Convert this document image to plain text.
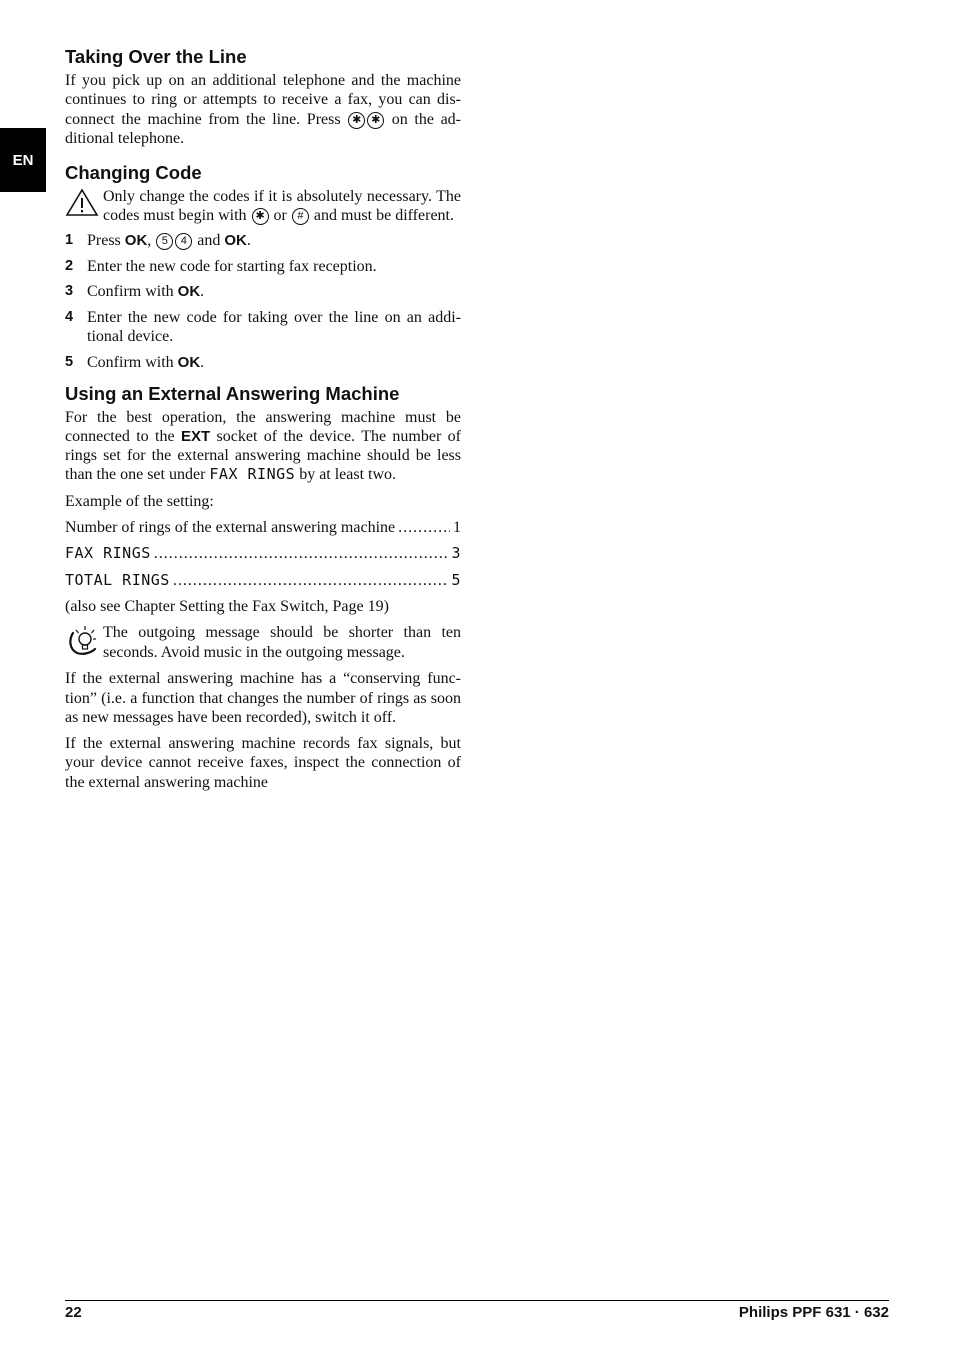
EN
Taking Over the Line

If you pick up on an additional telephone and the machine continues to ring or attempts to receive a fax, you can disconnect the machine from the line. Press ✱ ✱ on the additional telephone.

Changing Code

Only change the codes if it is absolutely necessary. The codes must begin with ✱ or # and must be different.

1 Press OK, 5 4 and OK.
2 Enter the new code for starting fax reception.
3 Confirm with OK.
4 Enter the new code for taking over the line on an additional device.
5 Confirm with OK.
Using an External Answering Machine

For the best operation, the answering machine must be connected to the EXT socket of the device. The number of rings set for the external answering machine should be less than the one set under FAX RINGS by at least two.

Example of the setting:

Number of rings of the external answering machine .....	1
FAX RINGS .....	3
TOTAL RINGS .....	5

(also see Chapter Setting the Fax Switch, Page 19)

The outgoing message should be shorter than ten seconds. Avoid music in the outgoing message.

If the external answering machine has a “conserving function” (i.e. a function that changes the number of rings as soon as new messages have been recorded), switch it off.

If the external answering machine records fax signals, but your device cannot receive faxes, inspect the connection of the external answering machine

22	Philips PPF 631 · 632
